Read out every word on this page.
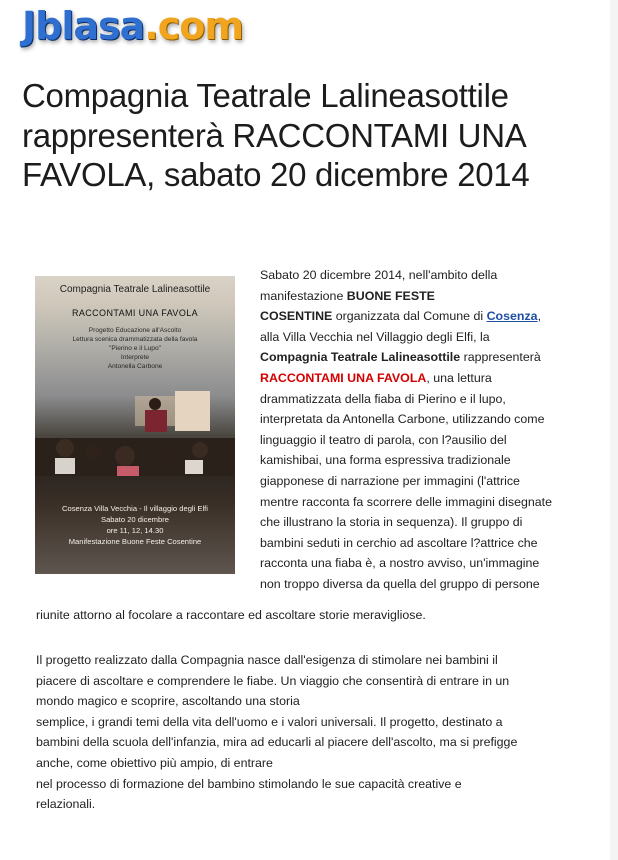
Jblasa.com
Compagnia Teatrale Lalineasottile rappresenterà RACCONTAMI UNA FAVOLA, sabato 20 dicembre 2014
Compagnia Teatrale Lalineasottile
RACCONTAMI UNA FAVOLA
Progetto Educazione all'Ascolto
Lettura scenica drammatizzata della favola
"Pierino e il Lupo"
Interprete
Antonella Carbone
Cosenza Villa Vecchia - Il villaggio degli Elfi
Sabato 20 dicembre
ore 11, 12, 14.30
Manifestazione Buone Feste Cosentine
Sabato 20 dicembre 2014, nell'ambito della
manifestazione BUONE FESTE
COSENTINE organizzata dal Comune di Cosenza,
alla Villa Vecchia nel Villaggio degli Elfi, la
Compagnia Teatrale Lalineasottile rappresenterà
RACCONTAMI UNA FAVOLA, una lettura
drammatizzata della fiaba di Pierino e il lupo,
interpretata da Antonella Carbone, utilizzando come
linguaggio il teatro di parola, con l?ausilio del
kamishibai, una forma espressiva tradizionale
giapponese di narrazione per immagini (l'attrice
mentre racconta fa scorrere delle immagini disegnate
che illustrano la storia in sequenza). Il gruppo di
bambini seduti in cerchio ad ascoltare l?attrice che
racconta una fiaba è, a nostro avviso, un'immagine
non troppo diversa da quella del gruppo di persone
riunite attorno al focolare a raccontare ed ascoltare storie meravigliose.
Il progetto realizzato dalla Compagnia nasce dall'esigenza di stimolare nei bambini il
piacere di ascoltare e comprendere le fiabe. Un viaggio che consentirà di entrare in un
mondo magico e scoprire, ascoltando una storia
semplice, i grandi temi della vita dell'uomo e i valori universali. Il progetto, destinato a
bambini della scuola dell'infanzia, mira ad educarli al piacere dell'ascolto, ma si prefigge
anche, come obiettivo più ampio, di entrare
nel processo di formazione del bambino stimolando le sue capacità creative e
relazionali.
